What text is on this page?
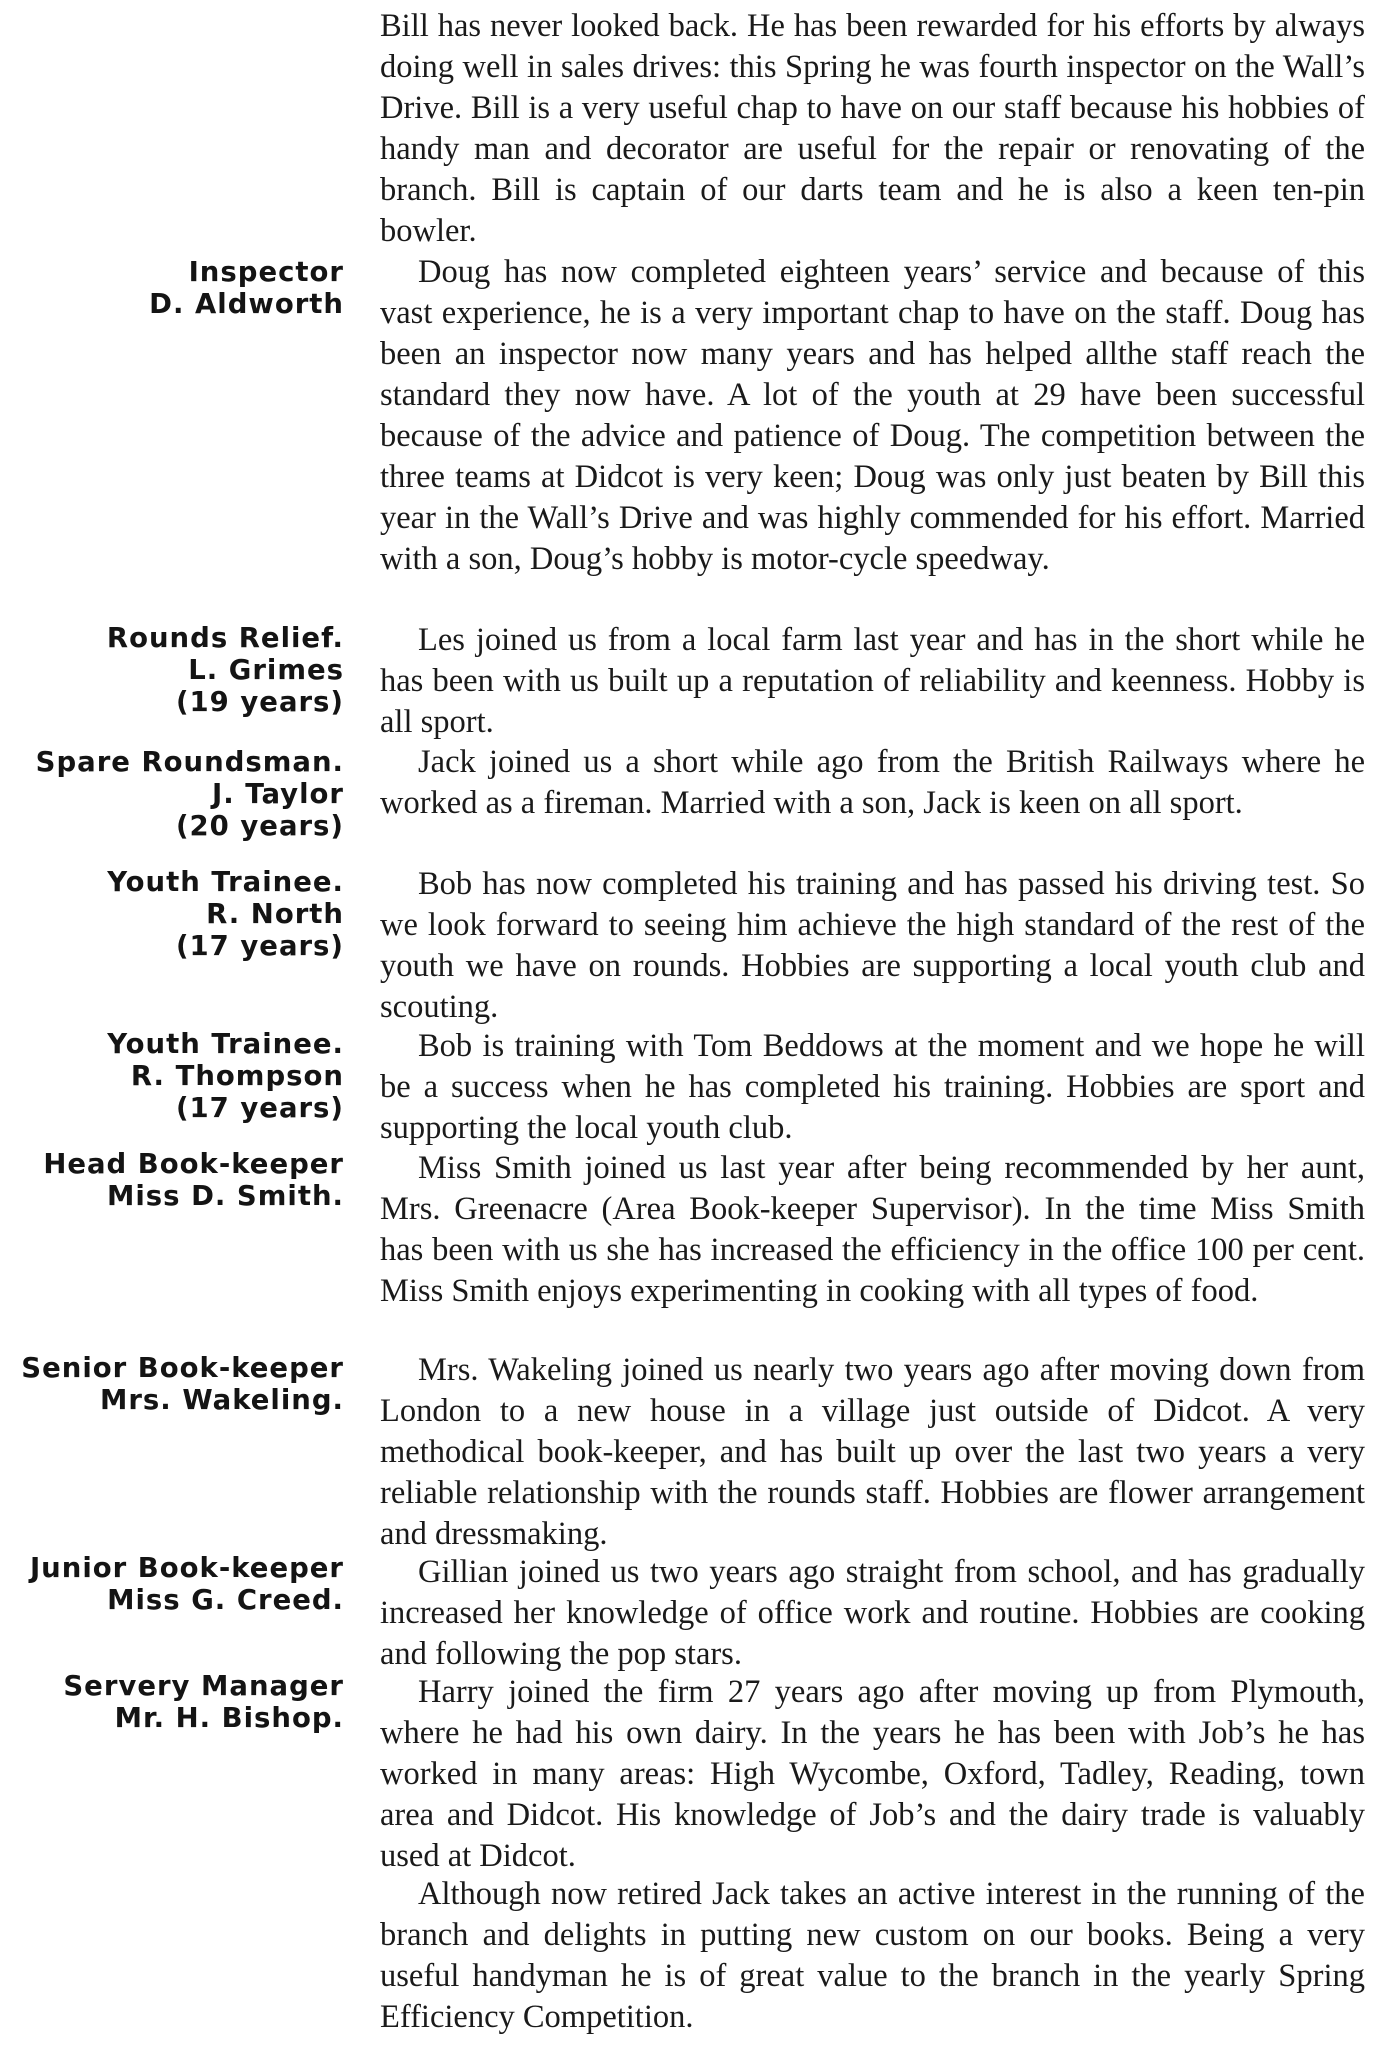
Inspector
D. Aldworth
Rounds Relief.
L. Grimes
(19 years)
Spare Roundsman.
J. Taylor
(20 years)
Youth Trainee.
R. North
(17 years)
Youth Trainee.
R. Thompson
(17 years)
Head Book-keeper
Miss D. Smith.
Senior Book-keeper
Mrs. Wakeling.
Junior Book-keeper
Miss G. Creed.
Servery Manager
Mr. H. Bishop.

Bill has never looked back. He has been rewarded for his efforts by always doing well in sales drives: this Spring he was fourth inspector on the Wall’s Drive. Bill is a very useful chap to have on our staff because his hobbies of handy man and decorator are useful for the repair or renovating of the branch. Bill is captain of our darts team and he is also a keen ten-pin bowler.

Doug has now completed eighteen years’ service and because of this vast experience, he is a very important chap to have on the staff. Doug has been an inspector now many years and has helped allthe staff reach the standard they now have. A lot of the youth at 29 have been successful because of the advice and patience of Doug. The competition between the three teams at Didcot is very keen; Doug was only just beaten by Bill this year in the Wall’s Drive and was highly commended for his effort. Married with a son, Doug’s hobby is motor-cycle speedway.

Les joined us from a local farm last year and has in the short while he has been with us built up a reputation of reliability and keenness. Hobby is all sport.

Jack joined us a short while ago from the British Railways where he worked as a fireman. Married with a son, Jack is keen on all sport.

Bob has now completed his training and has passed his driving test. So we look forward to seeing him achieve the high standard of the rest of the youth we have on rounds. Hobbies are supporting a local youth club and scouting.

Bob is training with Tom Beddows at the moment and we hope he will be a success when he has completed his training. Hobbies are sport and supporting the local youth club.

Miss Smith joined us last year after being recommended by her aunt, Mrs. Greenacre (Area Book-keeper Supervisor). In the time Miss Smith has been with us she has increased the efficiency in the office 100 per cent. Miss Smith enjoys experimenting in cooking with all types of food.

Mrs. Wakeling joined us nearly two years ago after moving down from London to a new house in a village just outside of Didcot. A very methodical book-keeper, and has built up over the last two years a very reliable relationship with the rounds staff. Hobbies are flower arrangement and dressmaking.

Gillian joined us two years ago straight from school, and has gradually increased her knowledge of office work and routine. Hobbies are cooking and following the pop stars.

Harry joined the firm 27 years ago after moving up from Plymouth, where he had his own dairy. In the years he has been with Job’s he has worked in many areas: High Wycombe, Oxford, Tadley, Reading, town area and Didcot. His knowledge of Job’s and the dairy trade is valuably used at Didcot.

Although now retired Jack takes an active interest in the running of the branch and delights in putting new custom on our books. Being a very useful handyman he is of great value to the branch in the yearly Spring Efficiency Competition.
